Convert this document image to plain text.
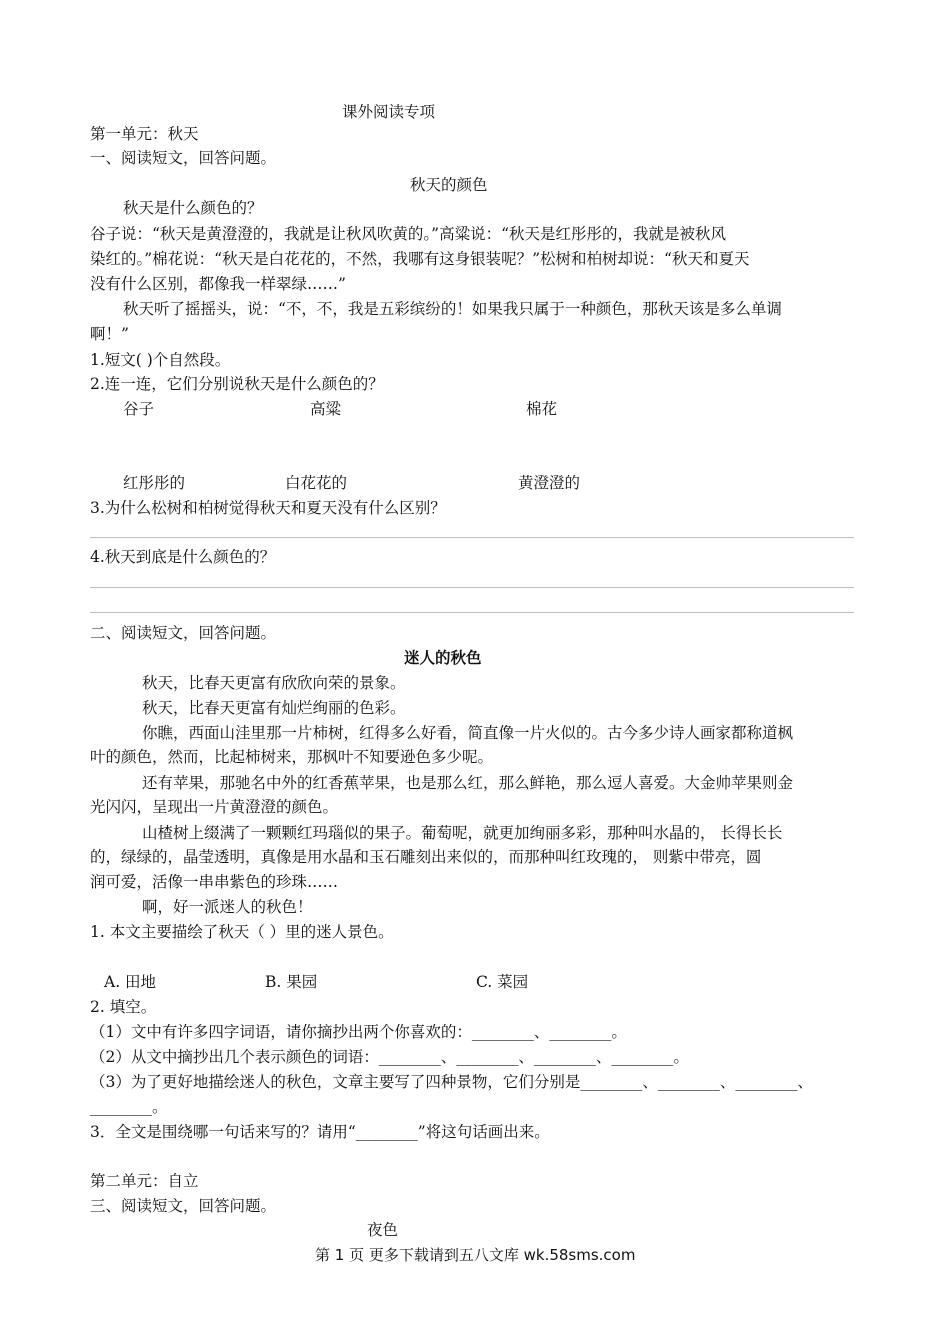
课外阅读专项
第一单元：秋天
一、阅读短文，回答问题。
秋天的颜色
秋天是什么颜色的？
谷子说：“秋天是黄澄澄的，我就是让秋风吹黄的。”高粱说：“秋天是红彤彤的，我就是被秋风
染红的。”棉花说：“秋天是白花花的，不然，我哪有这身银装呢？”松树和柏树却说：“秋天和夏天
没有什么区别，都像我一样翠绿……”
秋天听了摇摇头，说：“不，不，我是五彩缤纷的！如果我只属于一种颜色，那秋天该是多么单调
啊！”
1.短文( )个自然段。
2.连一连，它们分别说秋天是什么颜色的？
谷子	高粱	棉花
红彤彤的	白花花的	黄澄澄的
3.为什么松树和柏树觉得秋天和夏天没有什么区别？
4.秋天到底是什么颜色的？
二、阅读短文，回答问题。
迷人的秋色
秋天，比春天更富有欣欣向荣的景象。
秋天，比春天更富有灿烂绚丽的色彩。
你瞧，西面山洼里那一片柿树，红得多么好看，简直像一片火似的。古今多少诗人画家都称道枫
叶的颜色，然而，比起柿树来，那枫叶不知要逊色多少呢。
还有苹果，那驰名中外的红香蕉苹果，也是那么红，那么鲜艳，那么逗人喜爱。大金帅苹果则金
光闪闪，呈现出一片黄澄澄的颜色。
山楂树上缀满了一颗颗红玛瑙似的果子。葡萄呢，就更加绚丽多彩，那种叫水晶的， 长得长长
的，绿绿的，晶莹透明，真像是用水晶和玉石雕刻出来似的，而那种叫红玫瑰的， 则紫中带亮，圆
润可爱，活像一串串紫色的珍珠……
啊，好一派迷人的秋色！
1. 本文主要描绘了秋天（ ）里的迷人景色。
A. 田地	B. 果园	C. 菜园
2. 填空。
（1）文中有许多四字词语，请你摘抄出两个你喜欢的：________、________。
（2）从文中摘抄出几个表示颜色的词语：________、________、________、________。
（3）为了更好地描绘迷人的秋色，文章主要写了四种景物，它们分别是________、________、________、
________。
3．全文是围绕哪一句话来写的？请用“________”将这句话画出来。
第二单元：自立
三、阅读短文，回答问题。
夜色
第 1 页 更多下载请到五八文库 wk.58sms.com
